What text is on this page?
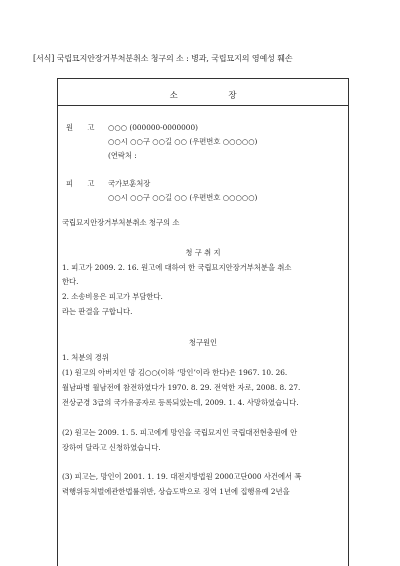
[서식] 국립묘지안장거부처분취소 청구의 소 : 병과, 국립묘지의 영예성 훼손
소 장
원 고 ○○○ (000000-0000000)
○○시 ○○구 ○○길 ○○ (우편번호 ○○○○○)
(연락처 :
피 고 국가보훈처장
○○시 ○○구 ○○길 ○○ (우편번호 ○○○○○)
국립묘지안장거부처분취소 청구의 소
청 구 취 지
1. 피고가 2009. 2. 16. 원고에 대하여 한 국립묘지안장거부처분을 취소
한다.
2. 소송비용은 피고가 부담한다.
라는 판결을 구합니다.
청구원인
1. 처분의 경위
(1) 원고의 아버지인 망 김○○(이하 ‘망인’이라 한다)은 1967. 10. 26.
월남파병 월남전에 참전하였다가 1970. 8. 29. 전역한 자로, 2008. 8. 27.
전상군경 3급의 국가유공자로 등록되었는데, 2009. 1. 4. 사망하였습니다.
(2) 원고는 2009. 1. 5. 피고에게 망인을 국립묘지인 국립대전현충원에 안
장하여 달라고 신청하였습니다.
(3) 피고는, 망인이 2001. 1. 19. 대전지방법원 2000고단000 사건에서 폭
력행위등처벌에관한법률위반, 상습도박으로 징역 1년에 집행유예 2년을
